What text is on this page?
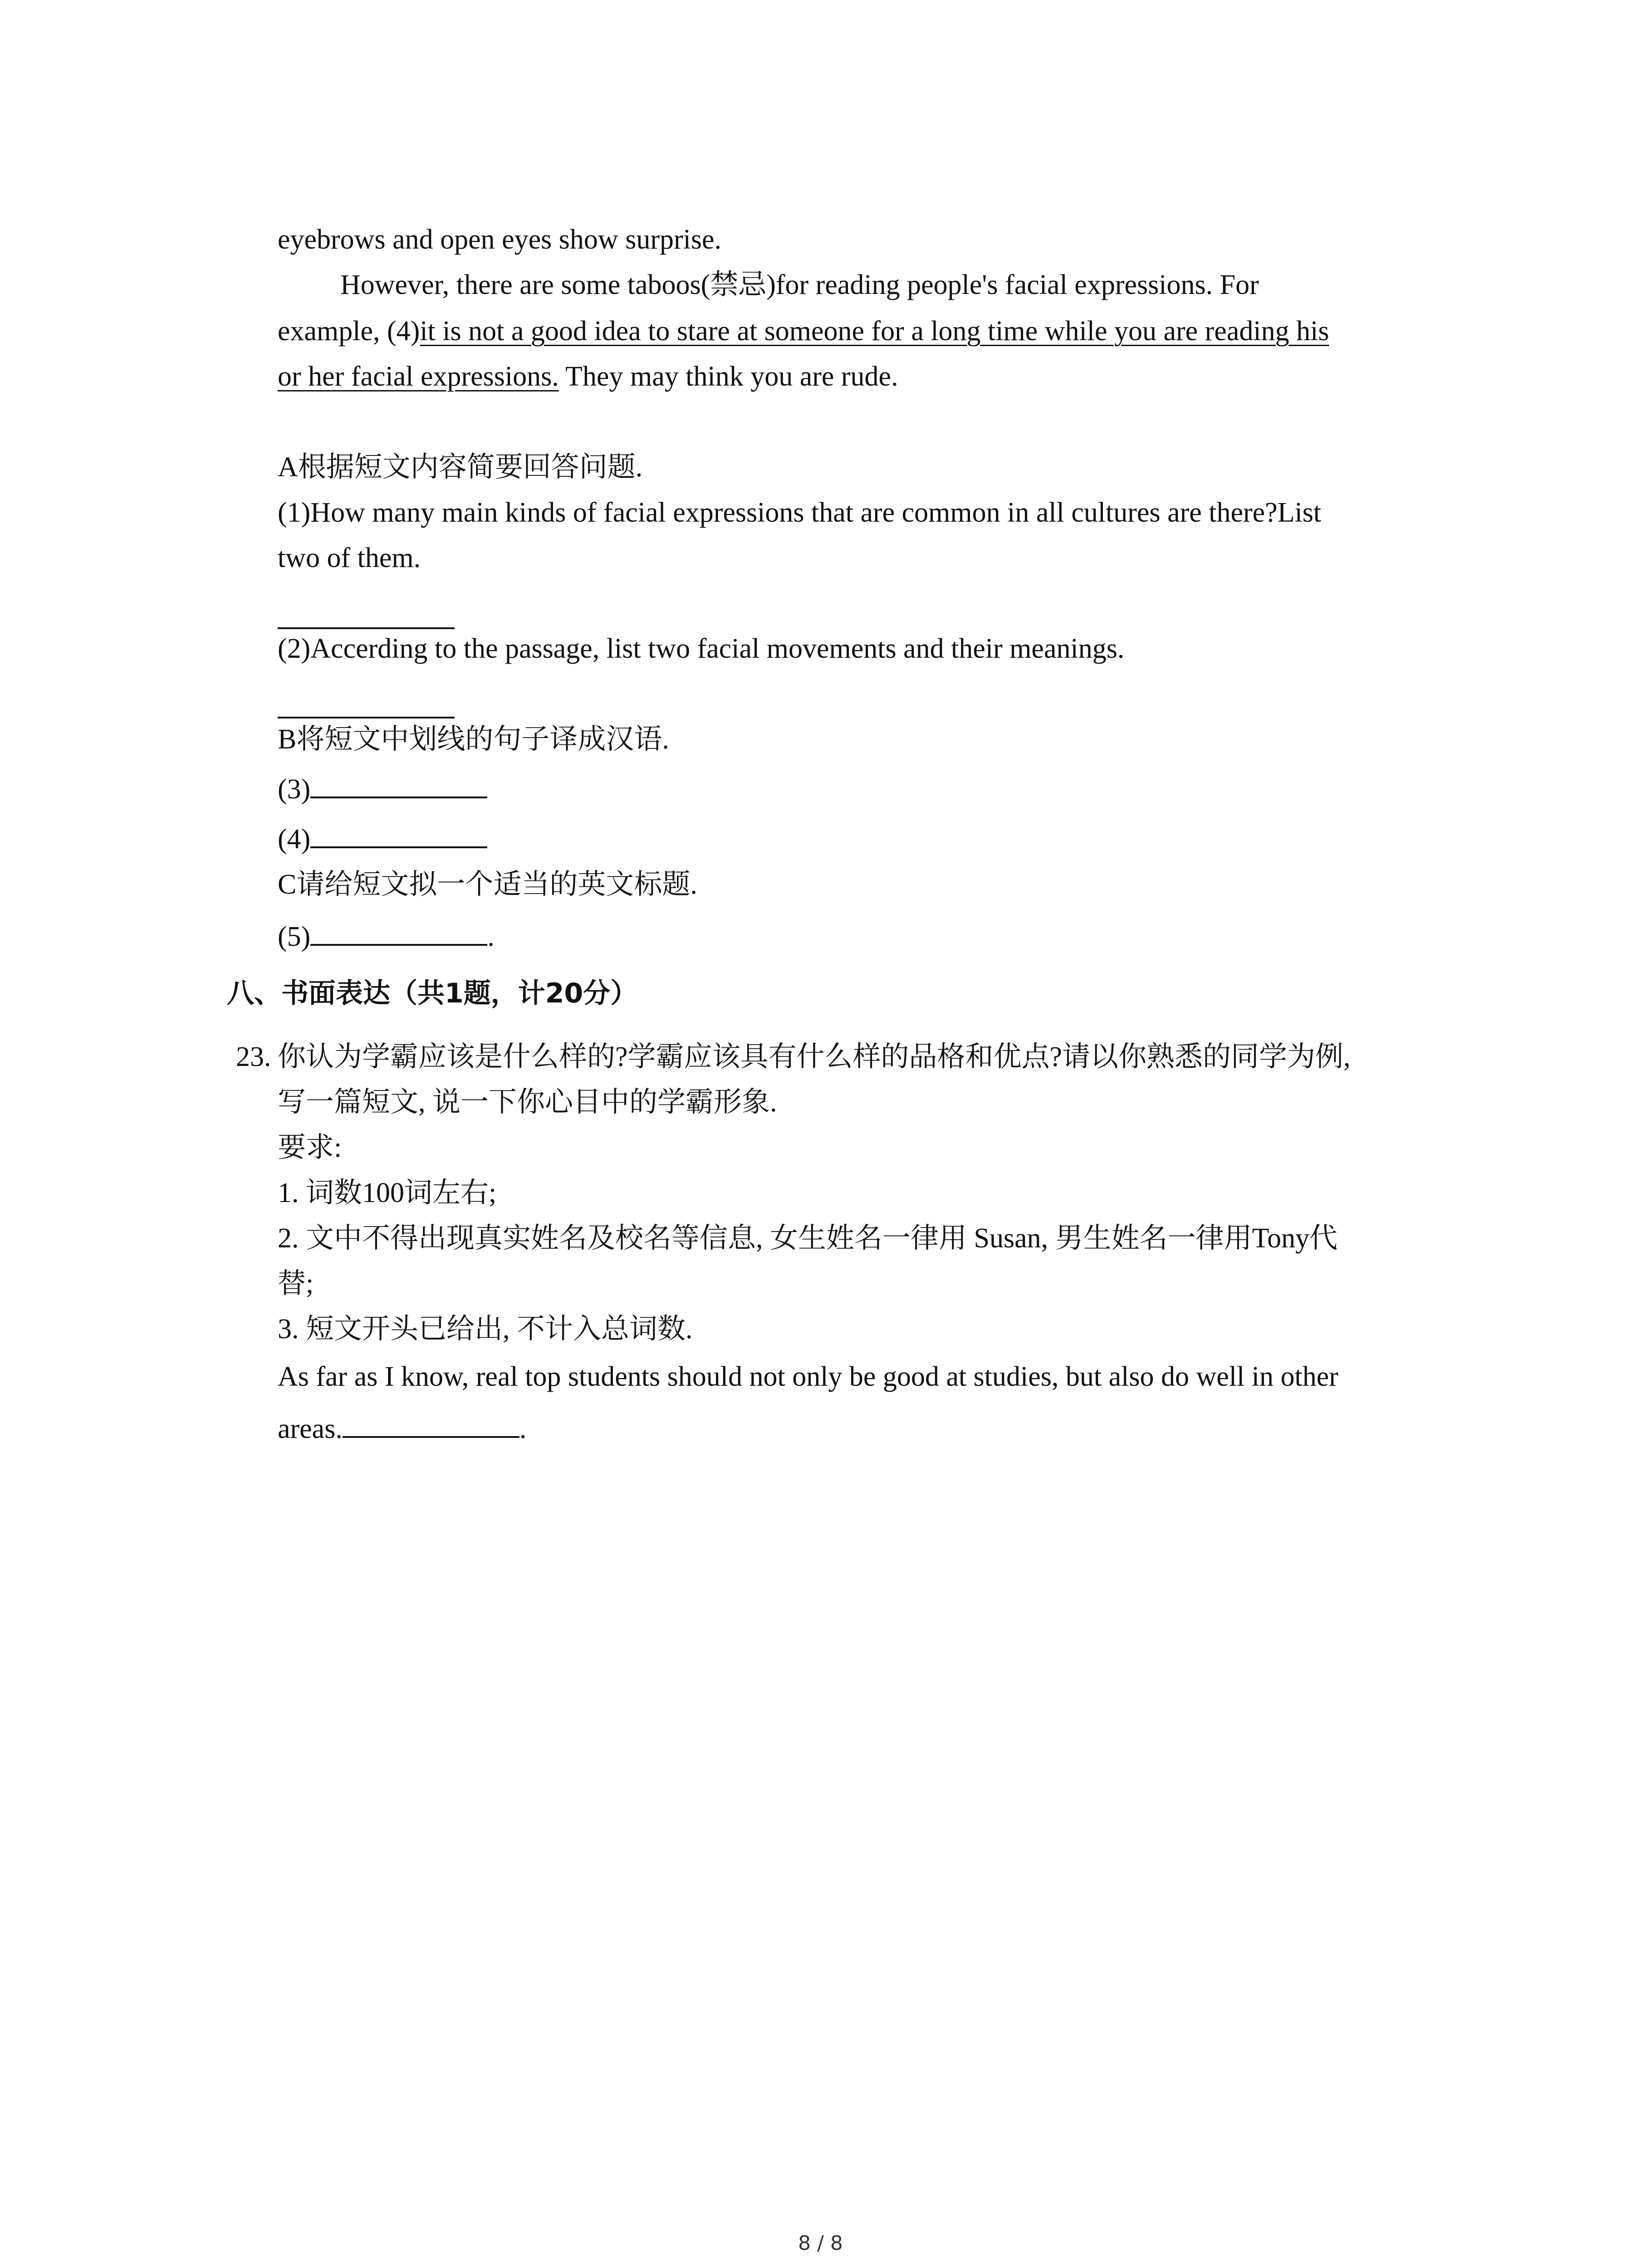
eyebrows and open eyes show surprise.
However, there are some taboos(禁忌)for reading people's facial expressions. For
example, (4)it is not a good idea to stare at someone for a long time while you are reading his
or her facial expressions. They may think you are rude.
A根据短文内容简要回答问题.
(1)How many main kinds of facial expressions that are common in all cultures are there?List
two of them.
(2)Accerding to the passage, list two facial movements and their meanings.
B将短文中划线的句子译成汉语.
(3)
(4)
C请给短文拟一个适当的英文标题.
(5)	.
八、书面表达（共1题，计20分）
23. 你认为学霸应该是什么样的?学霸应该具有什么样的品格和优点?请以你熟悉的同学为例,
写一篇短文, 说一下你心目中的学霸形象.
要求:
1. 词数100词左右;
2. 文中不得出现真实姓名及校名等信息, 女生姓名一律用 Susan, 男生姓名一律用Tony代
替;
3. 短文开头已给出, 不计入总词数.
As far as I know, real top students should not only be good at studies, but also do well in other
areas.	.
8 / 8
